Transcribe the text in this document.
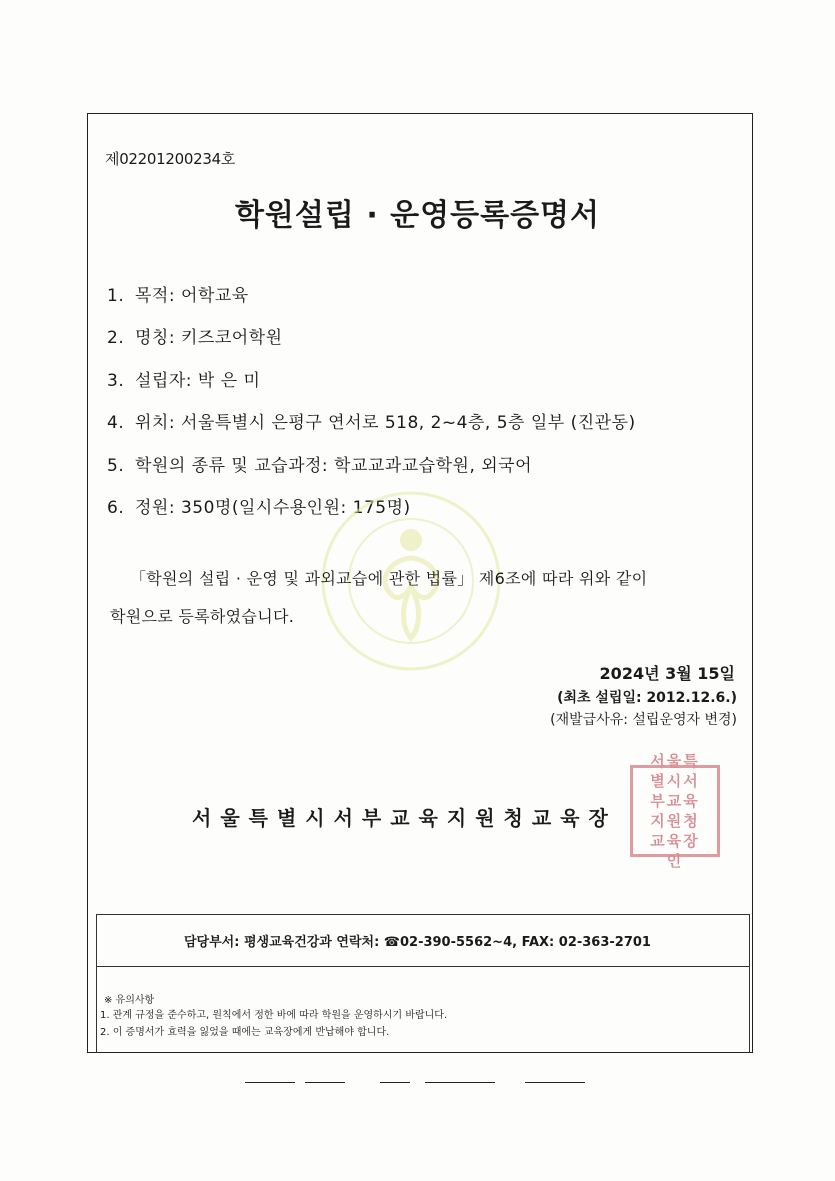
제02201200234호
학원설립 · 운영등록증명서
1. 목적: 어학교육
2. 명칭: 키즈코어학원
3. 설립자: 박 은 미
4. 위치: 서울특별시 은평구 연서로 518, 2~4층, 5층 일부 (진관동)
5. 학원의 종류 및 교습과정: 학교교과교습학원, 외국어
6. 정원: 350명(일시수용인원: 175명)
「학원의 설립 · 운영 및 과외교습에 관한 법률」 제6조에 따라 위와 같이
학원으로 등록하였습니다.
2024년 3월 15일
(최초 설립일: 2012.12.6.)
(재발급사유: 설립운영자 변경)
서울특별시서부교육지원청교육장
서울특별시서부교육지원청교육장인
담당부서: 평생교육건강과 연락처: ☎02-390-5562~4, FAX: 02-363-2701
※ 유의사항
1. 관계 규정을 준수하고, 원칙에서 정한 바에 따라 학원을 운영하시기 바랍니다.
2. 이 증명서가 효력을 잃었을 때에는 교육장에게 반납해야 합니다.
